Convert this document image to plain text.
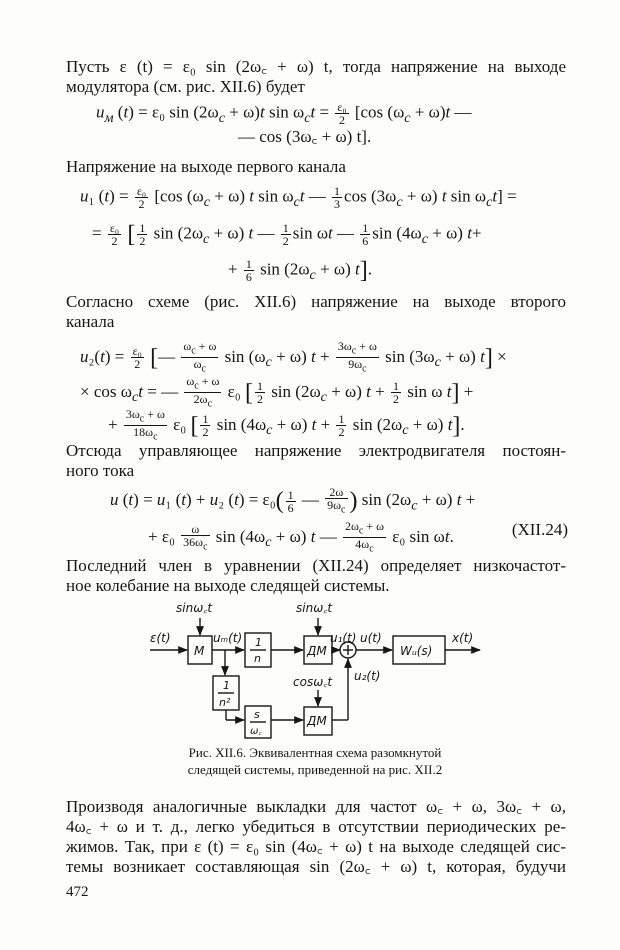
Пусть ε (t) = ε₀ sin (2ω꜀ + ω) t, тогда напряжение на выходе
модулятора (см. рис. XII.6) будет
$u_м$ (t) = ε₀ $\sin (2\omega_c + \omega)t$ $\sin \omega_ct = \frac{\text{ε₀}}{2} [\cos$ $(\omega_c + \omega)t$ —
— cos (3ω꜀ + ω) t].
Напряжение на выходе первого канала
u₁ $(t) = \frac{\text{ε₀}}{2} [\cos$ $(\omega_c + \omega)$ t $\sin \omega_ct$ — $\frac{1}{3}$ $\cos (3\omega_c + \omega)$ t $\sin \omega_ct$] =
= $\frac{\text{ε₀}}{2}$ [ $\frac{1}{2}$ $\sin (2\omega_c + \omega)$ t — $\frac{1}{2}$ sin ωt — $\frac{1}{6}$ $\sin (4\omega_c + \omega)$ t+
+ $\frac{1}{6}$ $\sin (2\omega_c + \omega)$ t].
Согласно схеме (рис. XII.6) напряжение на выходе второго
канала
$u_2(t) = \frac{\text{ε₀}}{2}$ [— $\frac{\omega_c + \omega}{\omega_c}$ $\sin (\omega_c + \omega) t + \frac{3\omega_c + \omega}{9\omega_c}$ $\sin (3\omega_c + \omega) t$] ×
× $\cos \omega_ct$ = — $\frac{\omega_c + \omega}{2\omega_c} \varepsilon_0$ [ $\frac{1}{2}$ $\sin (2\omega_c + \omega) t + \frac{1}{2}$ sin ω t] +
+ $\frac{3\omega_c + \omega}{18\omega_c} \varepsilon_0$ [ $\frac{1}{2}$ $\sin (4\omega_c + \omega) t + \frac{1}{2}$ $\sin (2\omega_c + \omega)$ t].
Отсюда управляющее напряжение электродвигателя постоян-
ного тока
u (t) = u₁ (t) + u₂ $(t) = \varepsilon_0( \frac{1}{6}$ — $\frac{2\omega}{9\omega_c}$ ) $\sin (2\omega_c + \omega) t$ +
+ $\varepsilon_0 \frac{\omega}{36\omega_c}$ $\sin (4\omega_c + \omega)$ t — $\frac{2\omega_c + \omega}{4\omega_c} \varepsilon_0$ sin ωt.	(XII.24)
Последний член в уравнении (XII.24) определяет низкочастот-
ное колебание на выходе следящей системы.
ε(t)
sinω꜀t	sinω꜀t
cosω꜀t
uₘ(t)	u₁(t)
u₂(t)
u(t)	x(t)
M
1
n
ДМ
1
n²
s
ω꜀
ДМ
Wᵤ(s)
Рис. XII.6. Эквивалентная схема разомкнутой
следящей системы, приведенной на рис. XII.2
Производя аналогичные выкладки для частот ω꜀ + ω, 3ω꜀ + ω,
4ω꜀ + ω и т. д., легко убедиться в отсутствии периодических ре-
жимов. Так, при ε (t) = ε₀ sin (4ω꜀ + ω) t на выходе следящей сис-
темы возникает составляющая sin (2ω꜀ + ω) t, которая, будучи
472
